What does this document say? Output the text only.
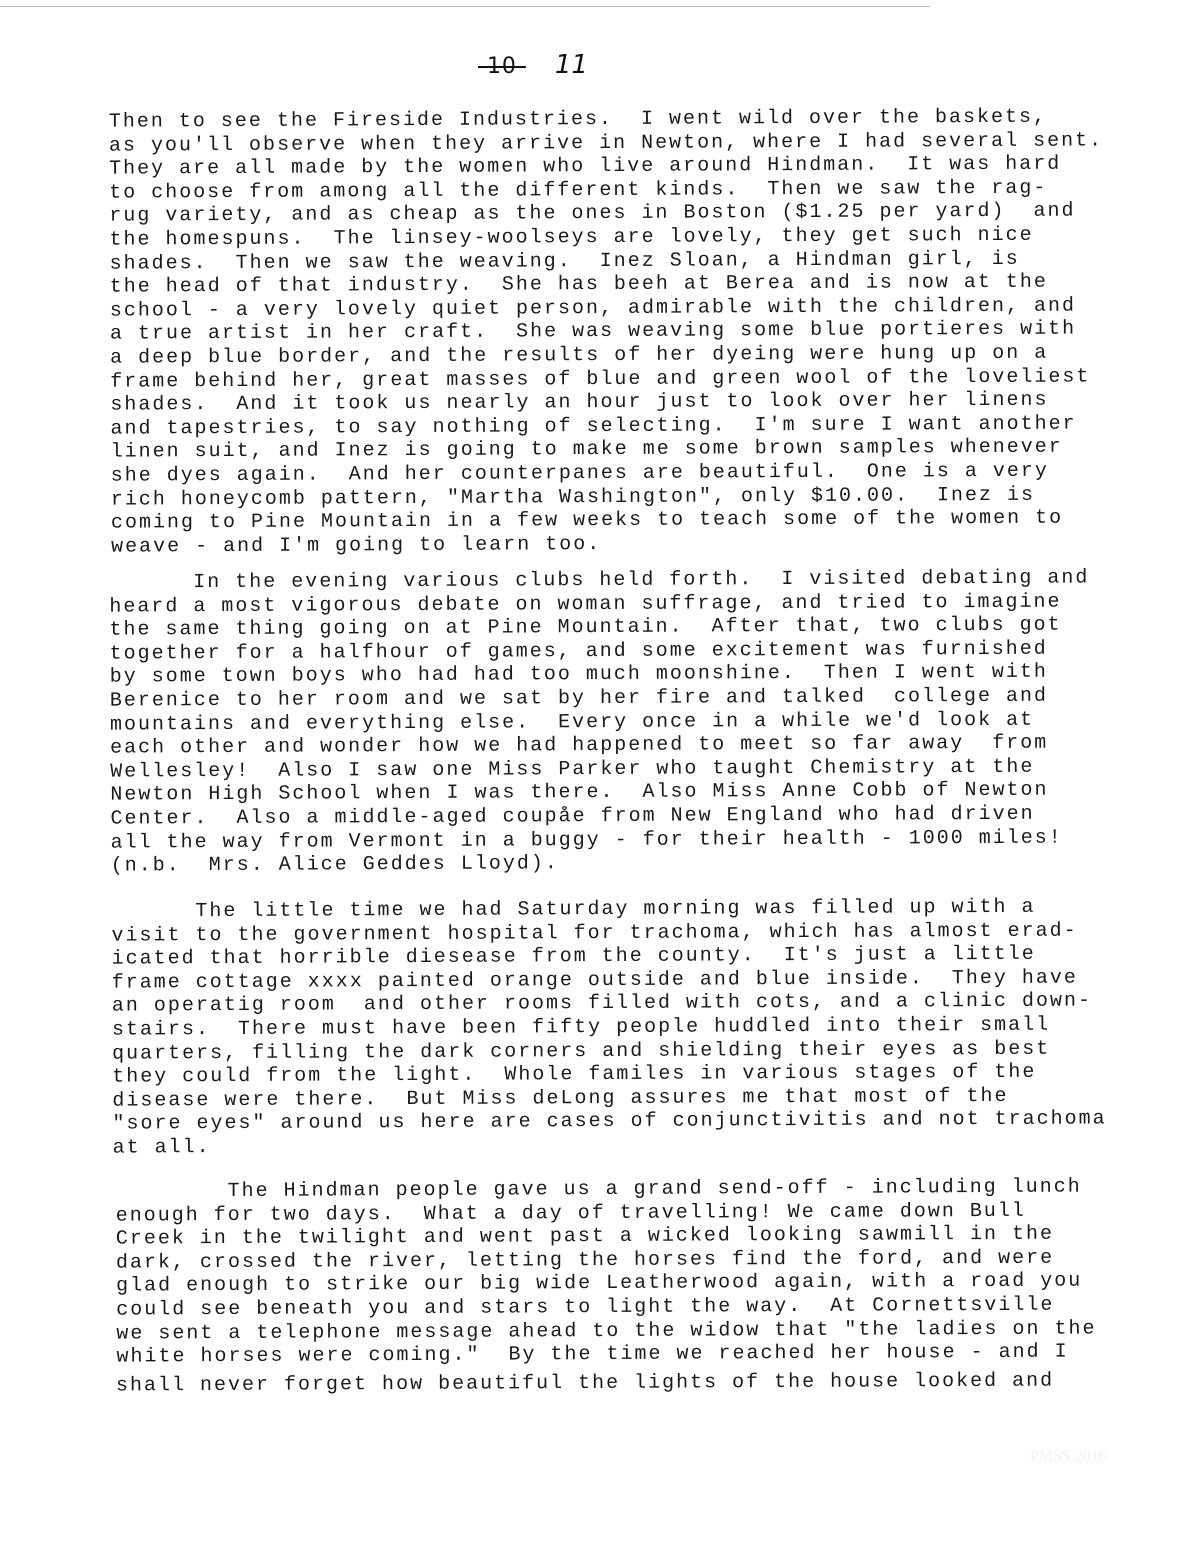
-10- 11
Then to see the Fireside Industries.  I went wild over the baskets,
as you'll observe when they arrive in Newton, where I had several sent.
They are all made by the women who live around Hindman.  It was hard
to choose from among all the different kinds.  Then we saw the rag-
rug variety, and as cheap as the ones in Boston ($1.25 per yard)  and
the homespuns.  The linsey-woolseys are lovely, they get such nice
shades.  Then we saw the weaving.  Inez Sloan, a Hindman girl, is
the head of that industry.  She has beeh at Berea and is now at the
school - a very lovely quiet person, admirable with the children, and
a true artist in her craft.  She was weaving some blue portieres with
a deep blue border, and the results of her dyeing were hung up on a
frame behind her, great masses of blue and green wool of the loveliest
shades.  And it took us nearly an hour just to look over her linens
and tapestries, to say nothing of selecting.  I'm sure I want another
linen suit, and Inez is going to make me some brown samples whenever
she dyes again.  And her counterpanes are beautiful.  One is a very
rich honeycomb pattern, "Martha Washington", only $10.00.  Inez is
coming to Pine Mountain in a few weeks to teach some of the women to
weave - and I'm going to learn too.
In the evening various clubs held forth.  I visited debating and
heard a most vigorous debate on woman suffrage, and tried to imagine
the same thing going on at Pine Mountain.  After that, two clubs got
together for a halfhour of games, and some excitement was furnished
by some town boys who had had too much moonshine.  Then I went with
Berenice to her room and we sat by her fire and talked  college and
mountains and everything else.  Every once in a while we'd look at
each other and wonder how we had happened to meet so far away  from
Wellesley!  Also I saw one Miss Parker who taught Chemistry at the
Newton High School when I was there.  Also Miss Anne Cobb of Newton
Center.  Also a middle-aged coupåe from New England who had driven
all the way from Vermont in a buggy - for their health - 1000 miles!
(n.b.  Mrs. Alice Geddes Lloyd).
The little time we had Saturday morning was filled up with a
visit to the government hospital for trachoma, which has almost erad-
icated that horrible diesease from the county.  It's just a little
frame cottage xxxx painted orange outside and blue inside.  They have
an operatig room  and other rooms filled with cots, and a clinic down-
stairs.  There must have been fifty people huddled into their small
quarters, filling the dark corners and shielding their eyes as best
they could from the light.  Whole familes in various stages of the
disease were there.  But Miss deLong assures me that most of the
"sore eyes" around us here are cases of conjunctivitis and not trachoma
at all.
The Hindman people gave us a grand send-off - including lunch
enough for two days.  What a day of travelling! We came down Bull
Creek in the twilight and went past a wicked looking sawmill in the
dark, crossed the river, letting the horses find the ford, and were
glad enough to strike our big wide Leatherwood again, with a road you
could see beneath you and stars to light the way.  At Cornettsville
we sent a telephone message ahead to the widow that "the ladies on the
white horses were coming."  By the time we reached her house - and I
shall never forget how beautiful the lights of the house looked and
PMSS 2016
